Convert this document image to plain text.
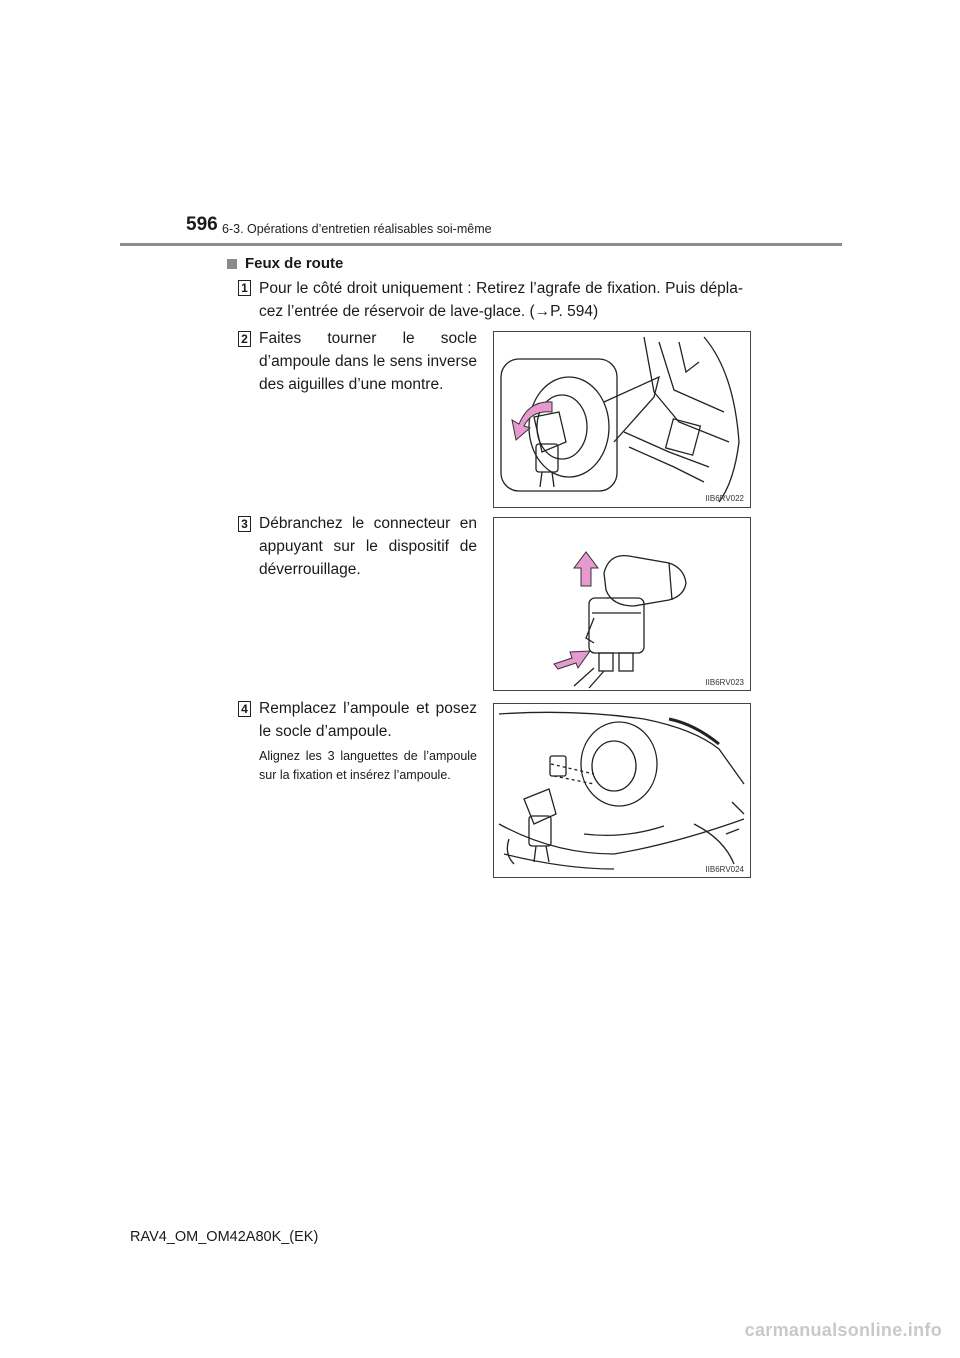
596 6-3. Opérations d’entretien réalisables soi-même
Feux de route
1 Pour le côté droit uniquement : Retirez l’agrafe de fixation. Puis dépla-cez l’entrée de réservoir de lave-glace. (→P. 594)
2 Faites tourner le socle d’ampoule dans le sens inverse des aiguilles d’une montre.
IIB6RV022
3 Débranchez le connecteur en appuyant sur le dispositif de déverrouillage.
IIB6RV023
4 Remplacez l’ampoule et posez le socle d’ampoule.
Alignez les 3 languettes de l’ampoule sur la fixation et insérez l’ampoule.
IIB6RV024
RAV4_OM_OM42A80K_(EK)
carmanualsonline.info
